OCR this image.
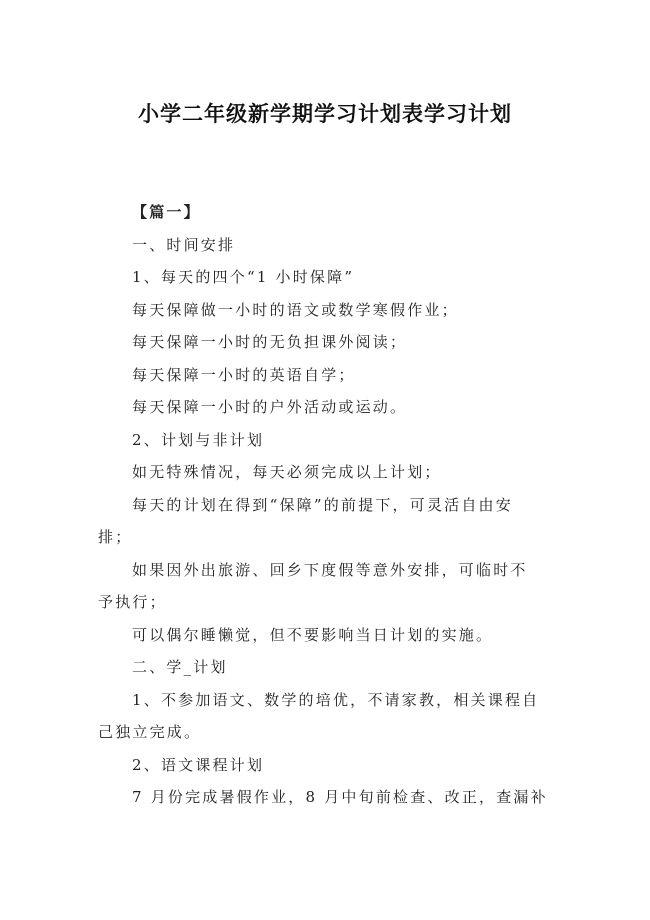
小学二年级新学期学习计划表学习计划
【篇一】
一、时间安排
1、每天的四个“1 小时保障”
每天保障做一小时的语文或数学寒假作业；
每天保障一小时的无负担课外阅读；
每天保障一小时的英语自学；
每天保障一小时的户外活动或运动。
2、计划与非计划
如无特殊情况，每天必须完成以上计划；
每天的计划在得到“保障”的前提下，可灵活自由安
排；
如果因外出旅游、回乡下度假等意外安排，可临时不
予执行；
可以偶尔睡懒觉，但不要影响当日计划的实施。
二、学_计划
1、不参加语文、数学的培优，不请家教，相关课程自
己独立完成。
2、语文课程计划
7 月份完成暑假作业，8 月中旬前检查、改正，查漏补
